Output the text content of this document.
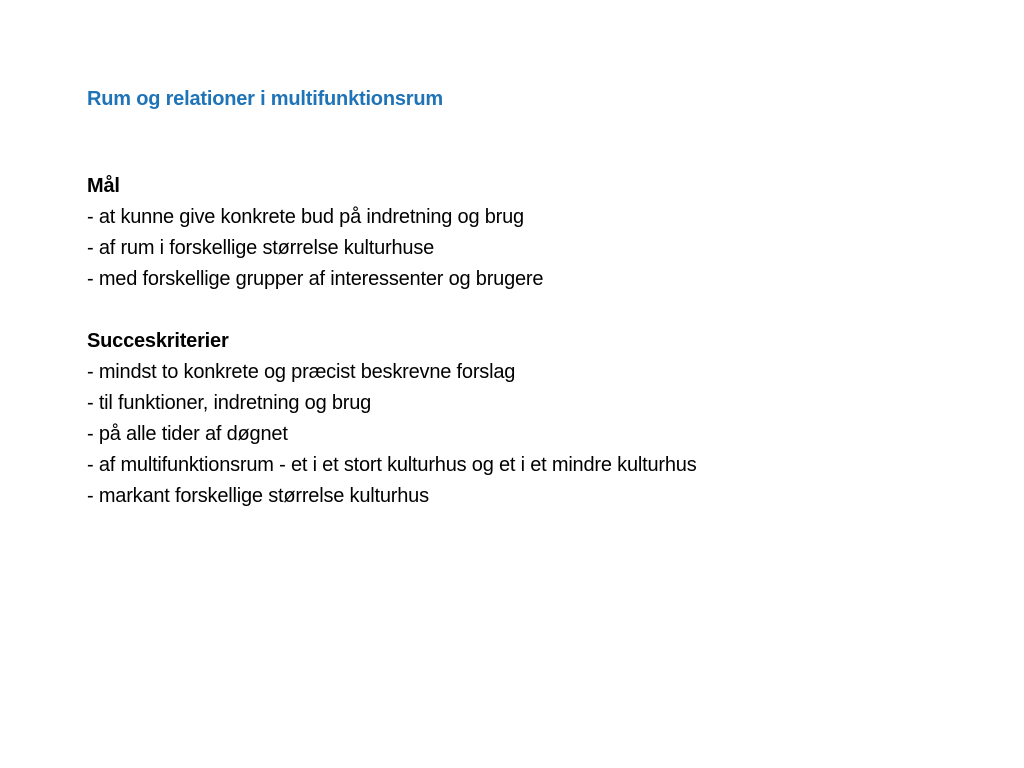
Rum og relationer i multifunktionsrum

Mål

- at kunne give konkrete bud på indretning og brug
- af rum i forskellige størrelse kulturhuse
- med forskellige grupper af interessenter og brugere

Succeskriterier

- mindst to konkrete og præcist beskrevne forslag
- til funktioner, indretning og brug
- på alle tider af døgnet
- af multifunktionsrum - et i et stort kulturhus og et i et mindre kulturhus
- markant forskellige størrelse kulturhus
